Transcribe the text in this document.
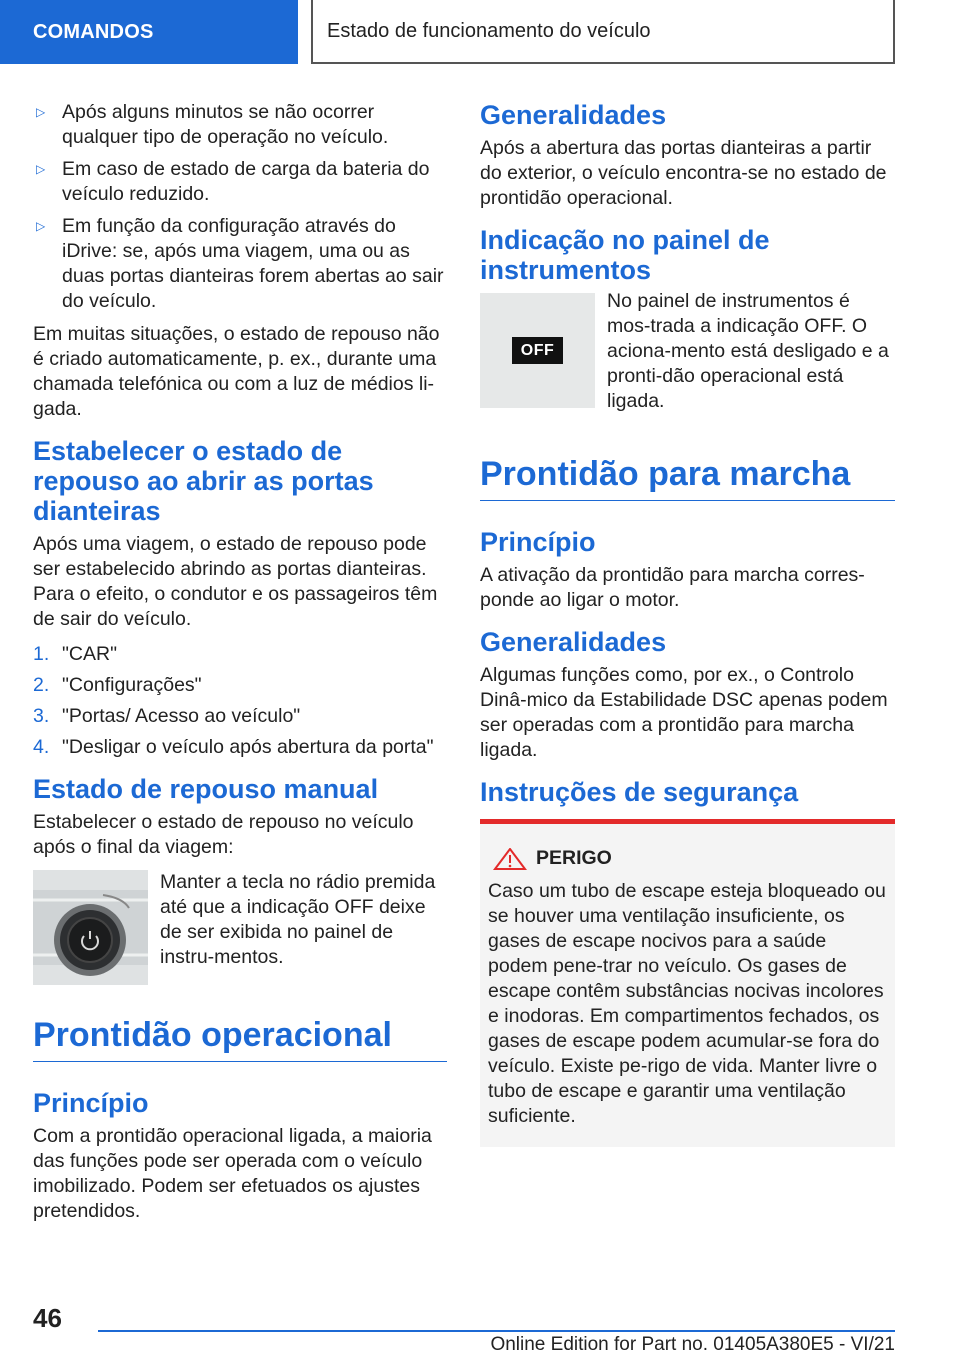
COMANDOS	Estado de funcionamento do veículo
▷ Após alguns minutos se não ocorrer qualquer tipo de operação no veículo.
▷ Em caso de estado de carga da bateria do veículo reduzido.
▷ Em função da configuração através do iDrive: se, após uma viagem, uma ou as duas portas dianteiras forem abertas ao sair do veículo.

Em muitas situações, o estado de repouso não é criado automaticamente, p. ex., durante uma chamada telefónica ou com a luz de médios li-gada.

Estabelecer o estado de repouso ao abrir as portas dianteiras

Após uma viagem, o estado de repouso pode ser estabelecido abrindo as portas dianteiras. Para o efeito, o condutor e os passageiros têm de sair do veículo.

1. "CAR"
2. "Configurações"
3. "Portas/ Acesso ao veículo"
4. "Desligar o veículo após abertura da porta"
Estado de repouso manual

Estabelecer o estado de repouso no veículo após o final da viagem:

Manter a tecla no rádio premida até que a indicação OFF deixe de ser exibida no painel de instru-mentos.
Prontidão operacional
Princípio

Com a prontidão operacional ligada, a maioria das funções pode ser operada com o veículo imobilizado. Podem ser efetuados os ajustes pretendidos.

Generalidades

Após a abertura das portas dianteiras a partir do exterior, o veículo encontra-se no estado de prontidão operacional.

Indicação no painel de instrumentos
OFF
No painel de instrumentos é mos-trada a indicação OFF. O aciona-mento está desligado e a pronti-dão operacional está ligada.
Prontidão para marcha
Princípio

A ativação da prontidão para marcha corres-ponde ao ligar o motor.

Generalidades

Algumas funções como, por ex., o Controlo Dinâ-mico da Estabilidade DSC apenas podem ser operadas com a prontidão para marcha ligada.

Instruções de segurança
PERIGO
Caso um tubo de escape esteja bloqueado ou se houver uma ventilação insuficiente, os gases de escape nocivos para a saúde podem pene-trar no veículo. Os gases de escape contêm substâncias nocivas incolores e inodoras. Em compartimentos fechados, os gases de escape podem acumular-se fora do veículo. Existe pe-rigo de vida. Manter livre o tubo de escape e garantir uma ventilação suficiente.
46
Online Edition for Part no. 01405A380E5 - VI/21
